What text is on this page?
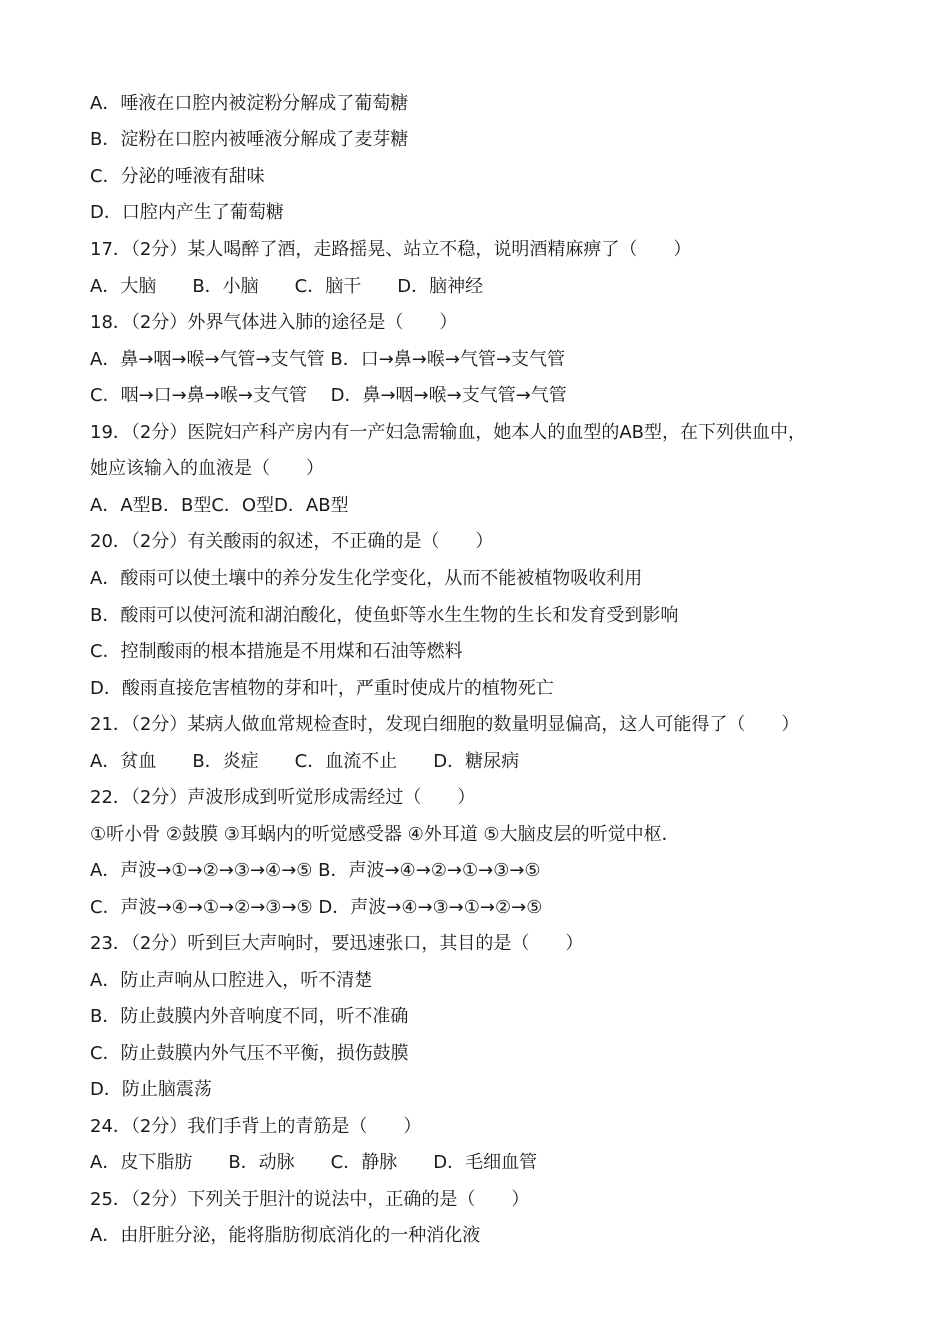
A．唾液在口腔内被淀粉分解成了葡萄糖
B．淀粉在口腔内被唾液分解成了麦芽糖
C．分泌的唾液有甜味
D．口腔内产生了葡萄糖
17．（2分）某人喝醉了酒，走路摇晃、站立不稳，说明酒精麻痹了（　　）
A．大脑　　B．小脑　　C．脑干　　D．脑神经
18．（2分）外界气体进入肺的途径是（　　）
A．鼻→咽→喉→气管→支气管 B．口→鼻→喉→气管→支气管
C．咽→口→鼻→喉→支气管　 D．鼻→咽→喉→支气管→气管
19．（2分）医院妇产科产房内有一产妇急需输血，她本人的血型的AB型，在下列供血中，
她应该输入的血液是（　　）
A．A型B．B型C．O型D．AB型
20．（2分）有关酸雨的叙述，不正确的是（　　）
A．酸雨可以使土壤中的养分发生化学变化，从而不能被植物吸收利用
B．酸雨可以使河流和湖泊酸化，使鱼虾等水生生物的生长和发育受到影响
C．控制酸雨的根本措施是不用煤和石油等燃料
D．酸雨直接危害植物的芽和叶，严重时使成片的植物死亡
21．（2分）某病人做血常规检查时，发现白细胞的数量明显偏高，这人可能得了（　　）
A．贫血　　B．炎症　　C．血流不止　　D．糖尿病
22．（2分）声波形成到听觉形成需经过（　　）
①听小骨 ②鼓膜 ③耳蜗内的听觉感受器 ④外耳道 ⑤大脑皮层的听觉中枢．
A．声波→①→②→③→④→⑤ B．声波→④→②→①→③→⑤
C．声波→④→①→②→③→⑤ D．声波→④→③→①→②→⑤
23．（2分）听到巨大声响时，要迅速张口，其目的是（　　）
A．防止声响从口腔进入，听不清楚
B．防止鼓膜内外音响度不同，听不准确
C．防止鼓膜内外气压不平衡，损伤鼓膜
D．防止脑震荡
24．（2分）我们手背上的青筋是（　　）
A．皮下脂肪　　B．动脉　　C．静脉　　D．毛细血管
25．（2分）下列关于胆汁的说法中，正确的是（　　）
A．由肝脏分泌，能将脂肪彻底消化的一种消化液
